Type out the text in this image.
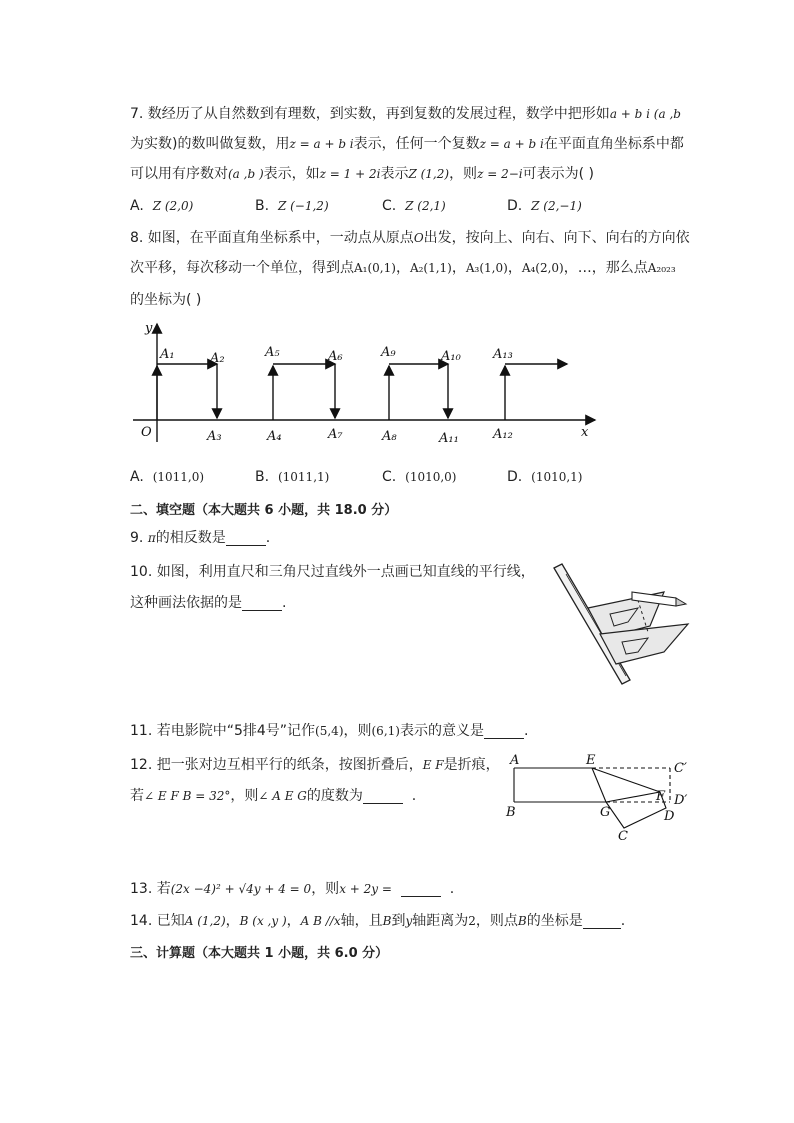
7. 数经历了从自然数到有理数，到实数，再到复数的发展过程，数学中把形如a + b i (a ,b
为实数)的数叫做复数，用z = a + b i表示，任何一个复数z = a + b i在平面直角坐标系中都
可以用有序数对(a ,b )表示，如z = 1 + 2i表示Z (1,2)，则z = 2−i可表示为( )
A. Z (2,0)	B. Z (−1,2)	C. Z (2,1)	D. Z (2,−1)
8. 如图，在平面直角坐标系中，一动点从原点O出发，按向上、向右、向下、向右的方向依
次平移，每次移动一个单位，得到点A₁(0,1)，A₂(1,1)，A₃(1,0)，A₄(2,0)，…，那么点A₂₀₂₃
的坐标为( )
y
x
O
A₁	A₂	A₅	A₆	A₉	A₁₀ A₁₃
A₃	A₄	A₇	A₈	A₁₁	A₁₂
A. (1011,0)	B. (1011,1)	C. (1010,0)	D. (1010,1)
二、填空题（本大题共 6 小题，共 18.0 分）
9. π的相反数是	.
10. 如图，利用直尺和三角尺过直线外一点画已知直线的平行线，
这种画法依据的是	.
11. 若电影院中“5排4号”记作(5,4)，则(6,1)表示的意义是	.
12. 把一张对边互相平行的纸条，按图折叠后，E F是折痕，
若∠ E F B = 32°，则∠ A E G的度数为	.
A	E
C′
B	G
F D′
D
C
13. 若(2x −4)² + √4y + 4 = 0，则x + 2y =	.
14. 已知A (1,2)，B (x ,y )，A B //x轴，且B到y轴距离为2，则点B的坐标是	.
三、计算题（本大题共 1 小题，共 6.0 分）
